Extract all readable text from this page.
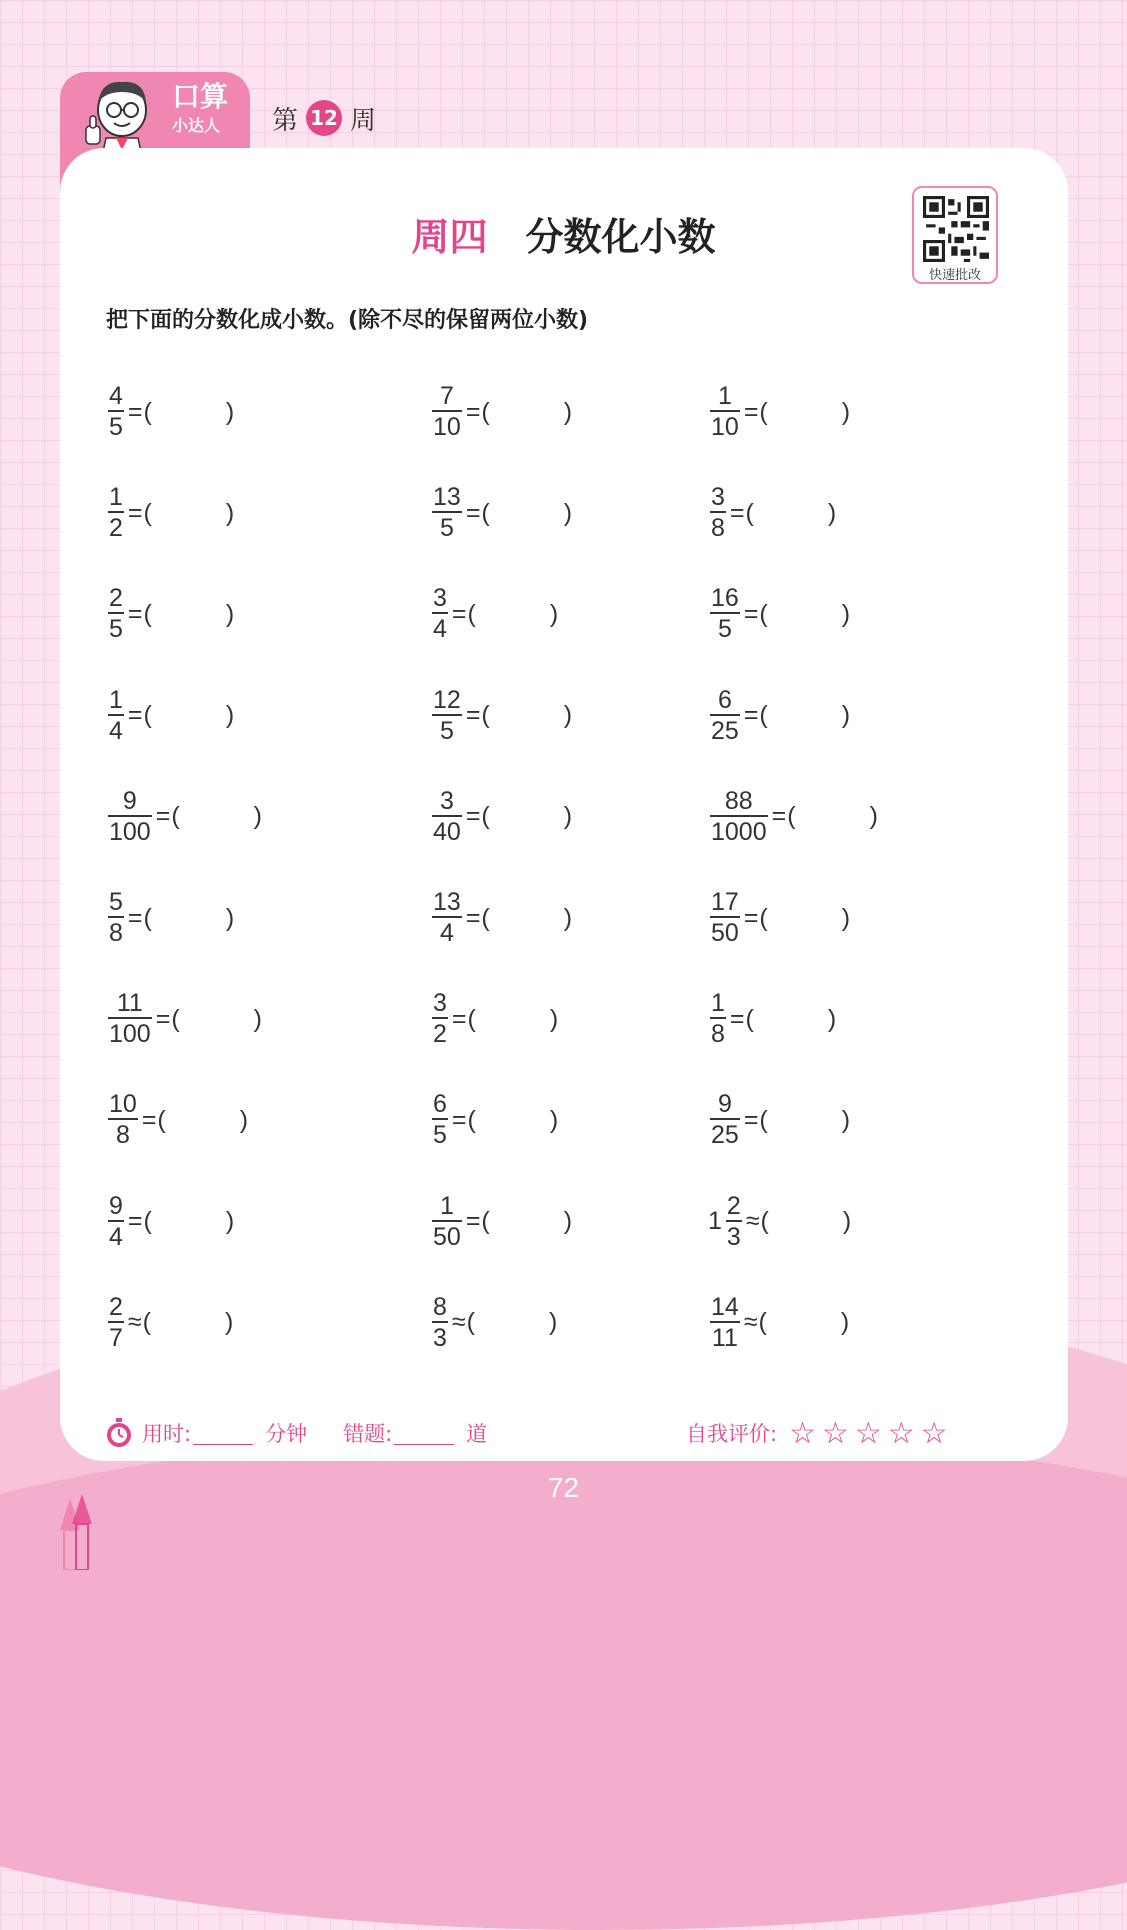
口算
小达人 第 12 周
周四 分数化小数
快速批改
把下面的分数化成小数。(除不尽的保留两位小数)
$\frac{4}{5}$ = (	)	$\frac{7}{10}$ = (	)	$\frac{1}{10}$ = (	)
$\frac{1}{2}$ = (	)	$\frac{13}{5}$ = (	)	$\frac{3}{8}$ = (	)
$\frac{2}{5}$ = (	)	$\frac{3}{4}$ = (	)	$\frac{16}{5}$ = (	)
$\frac{1}{4}$ = (	)	$\frac{12}{5}$ = (	)	$\frac{6}{25}$ = (	)
$\frac{9}{100}$ = (	)	$\frac{3}{40}$ = (	)	$\frac{88}{1000}$ = (	)
$\frac{5}{8}$ = (	)	$\frac{13}{4}$ = (	)	$\frac{17}{50}$ = (	)
$\frac{11}{100}$ = (	)	$\frac{3}{2}$ = (	)	$\frac{1}{8}$ = (	)
$\frac{10}{8}$ = (	)	$\frac{6}{5}$ = (	)	$\frac{9}{25}$ = (	)
$\frac{9}{4}$ = (	)	$\frac{1}{50}$ = (	)	$1 \frac{2}{3}$ ≈ (	)
$\frac{2}{7}$ ≈ (	)	$\frac{8}{3}$ ≈ (	)	$\frac{14}{11}$ ≈ (	)
用时:	分钟 错题:	道	自我评价: ☆☆☆☆☆
72
